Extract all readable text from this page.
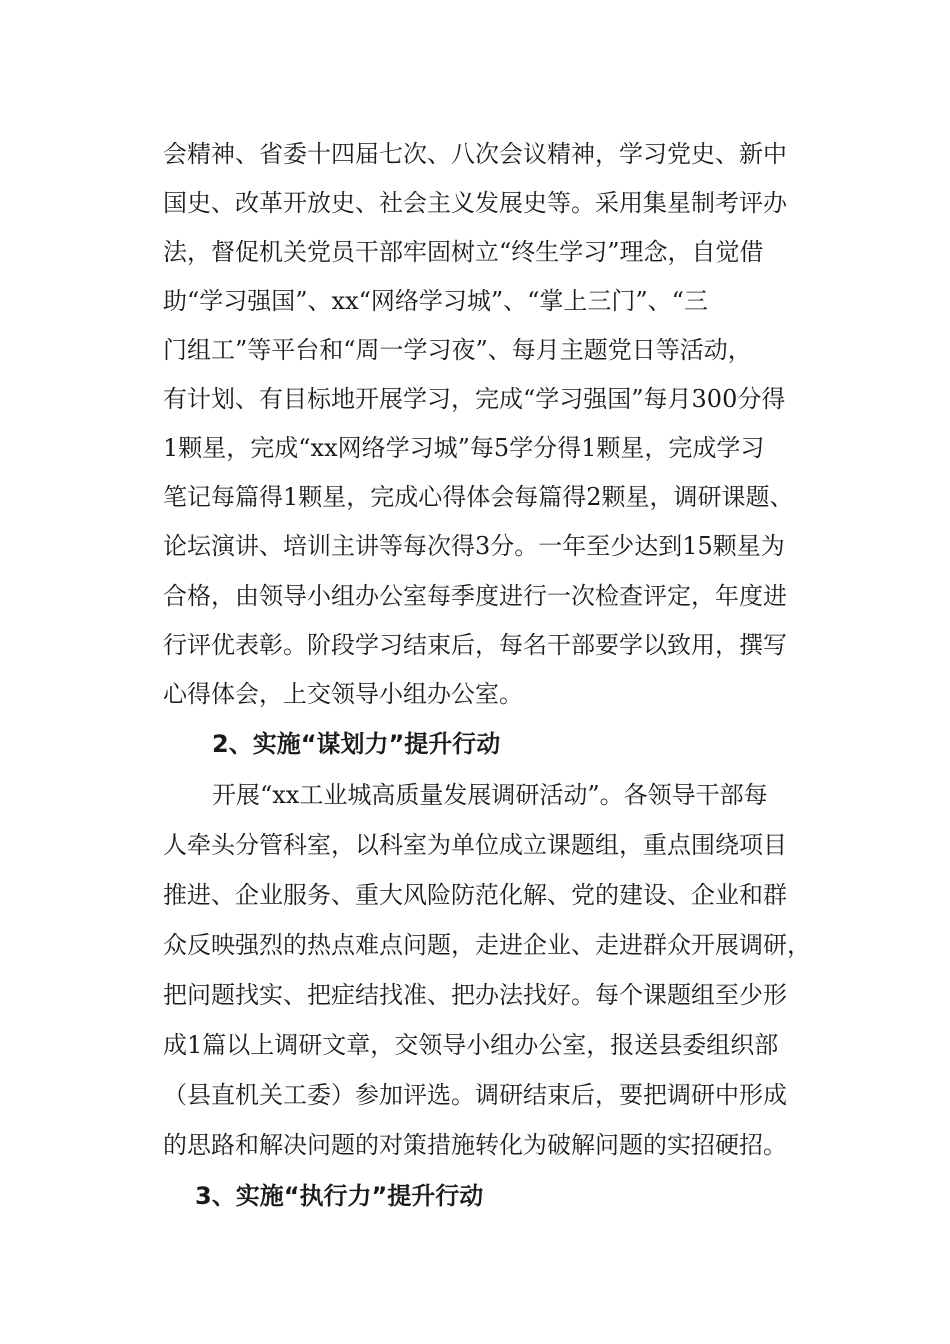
会精神、省委十四届七次、八次会议精神，学习党史、新中
国史、改革开放史、社会主义发展史等。采用集星制考评办
法，督促机关党员干部牢固树立“终生学习”理念，自觉借
助“学习强国”、xx“网络学习城”、“掌上三门”、“三
门组工”等平台和“周一学习夜”、每月主题党日等活动，
有计划、有目标地开展学习，完成“学习强国”每月300分得
1颗星，完成“xx网络学习城”每5学分得1颗星，完成学习
笔记每篇得1颗星，完成心得体会每篇得2颗星，调研课题、
论坛演讲、培训主讲等每次得3分。一年至少达到15颗星为
合格，由领导小组办公室每季度进行一次检查评定，年度进
行评优表彰。阶段学习结束后，每名干部要学以致用，撰写
心得体会，上交领导小组办公室。
2、实施“谋划力”提升行动
开展“xx工业城高质量发展调研活动”。各领导干部每
人牵头分管科室，以科室为单位成立课题组，重点围绕项目
推进、企业服务、重大风险防范化解、党的建设、企业和群
众反映强烈的热点难点问题，走进企业、走进群众开展调研，
把问题找实、把症结找准、把办法找好。每个课题组至少形
成1篇以上调研文章，交领导小组办公室，报送县委组织部
（县直机关工委）参加评选。调研结束后，要把调研中形成
的思路和解决问题的对策措施转化为破解问题的实招硬招。
3、实施“执行力”提升行动
